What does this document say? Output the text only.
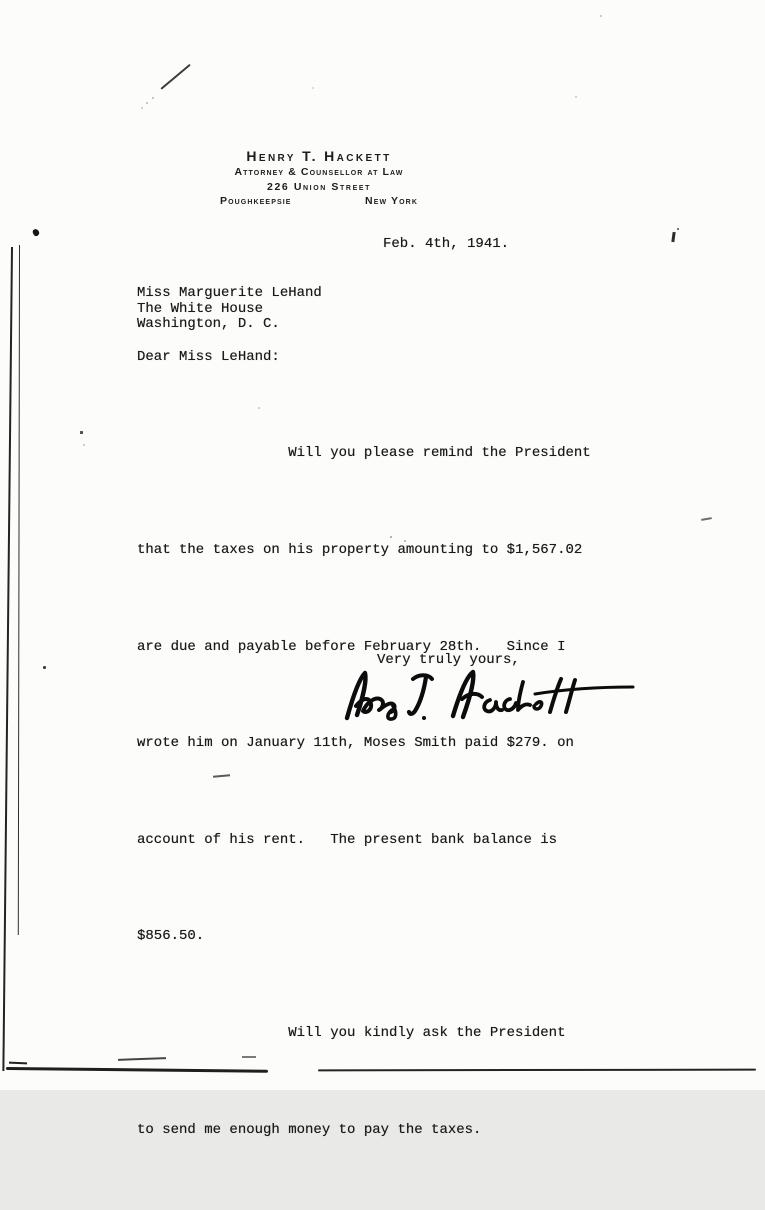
Henry T. Hackett
Attorney & Counsellor at Law
226 Union Street
Poughkeepsie	New York
Feb. 4th, 1941.
Miss Marguerite LeHand
The White House
Washington, D. C.
Dear Miss LeHand:

Will you please remind the President

that the taxes on his property amounting to $1,567.02

are due and payable before February 28th.   Since I

wrote him on January 11th, Moses Smith paid $279. on

account of his rent.   The present bank balance is

$856.50.

Will you kindly ask the President

to send me enough money to pay the taxes.

Very truly yours,
